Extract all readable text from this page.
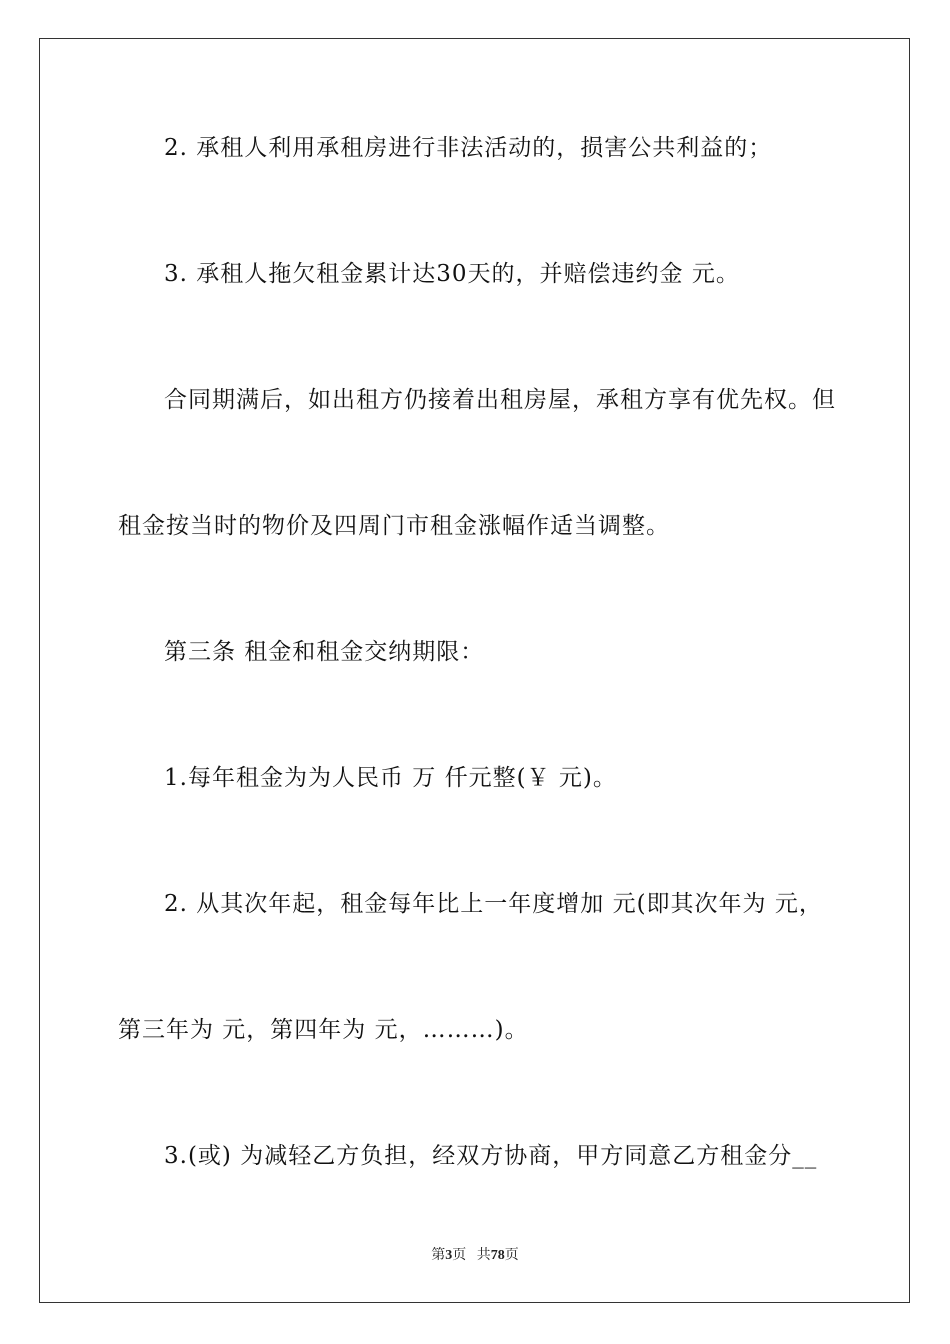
2. 承租人利用承租房进行非法活动的，损害公共利益的；
3. 承租人拖欠租金累计达30天的，并赔偿违约金 元。
合同期满后，如出租方仍接着出租房屋，承租方享有优先权。但
租金按当时的物价及四周门市租金涨幅作适当调整。
第三条 租金和租金交纳期限：
1.每年租金为为人民币 万 仟元整(￥ 元)。
2. 从其次年起，租金每年比上一年度增加 元(即其次年为 元，
第三年为 元，第四年为 元，………)。
3.(或) 为减轻乙方负担，经双方协商，甲方同意乙方租金分__
第3页   共78页
